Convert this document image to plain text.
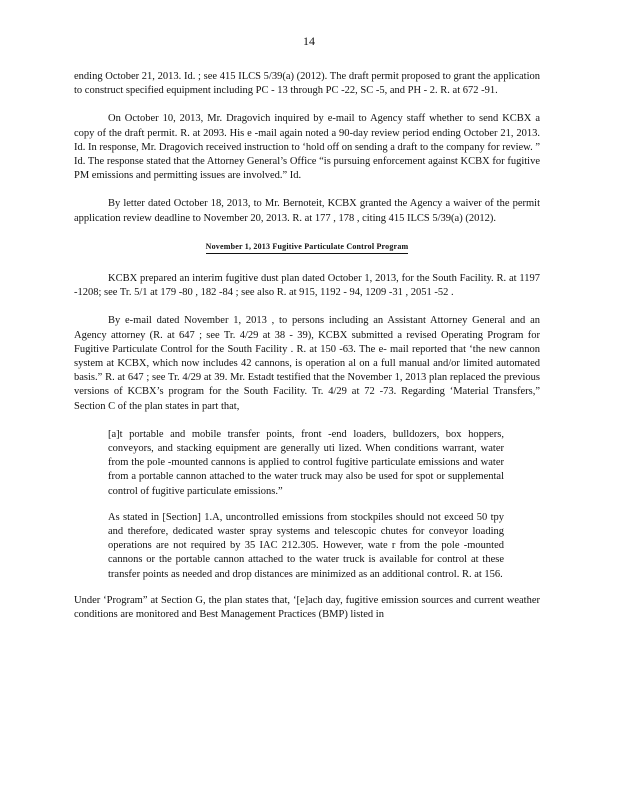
14

ending October 21, 2013. Id. ; see 415 ILCS 5/39(a) (2012). The draft permit proposed to grant the application to construct specified equipment including PC - 13 through PC -22, SC -5, and PH - 2. R. at 672 -91.

On October 10, 2013, Mr. Dragovich inquired by e-mail to Agency staff whether to send KCBX a copy of the draft permit. R. at 2093. His e -mail again noted a 90-day review period ending October 21, 2013. Id. In response, Mr. Dragovich received instruction to ‘hold off on sending a draft to the company for review. ” Id. The response stated that the Attorney General’s Office “is pursuing enforcement against KCBX for fugitive PM emissions and permitting issues are involved.” Id.

By letter dated October 18, 2013, to Mr. Bernoteit, KCBX granted the Agency a waiver of the permit application review deadline to November 20, 2013. R. at 177 , 178 , citing 415 ILCS 5/39(a) (2012).

November 1, 2013 Fugitive Particulate Control Program

KCBX prepared an interim fugitive dust plan dated October 1, 2013, for the South Facility. R. at 1197 -1208; see Tr. 5/1 at 179 -80 , 182 -84 ; see also R. at 915, 1192 - 94, 1209 -31 , 2051 -52 .

By e-mail dated November 1, 2013 , to persons including an Assistant Attorney General and an Agency attorney (R. at 647 ; see Tr. 4/29 at 38 - 39), KCBX submitted a revised Operating Program for Fugitive Particulate Control for the South Facility . R. at 150 -63. The e- mail reported that ‘the new cannon system at KCBX, which now includes 42 cannons, is operation al on a full manual and/or limited automated basis.” R. at 647 ; see Tr. 4/29 at 39. Mr. Estadt testified that the November 1, 2013 plan replaced the previous versions of KCBX’s program for the South Facility. Tr. 4/29 at 72 -73. Regarding ‘Material Transfers,” Section C of the plan states in part that,

[a]t portable and mobile transfer points, front -end loaders, bulldozers, box hoppers, conveyors, and stacking equipment are generally uti lized. When conditions warrant, water from the pole -mounted cannons is applied to control fugitive particulate emissions and water from a portable cannon attached to the water truck may also be used for spot or supplemental control of fugitive particulate emissions.”

As stated in [Section] 1.A, uncontrolled emissions from stockpiles should not exceed 50 tpy and therefore, dedicated waster spray systems and telescopic chutes for conveyor loading operations are not required by 35 IAC 212.305. However, wate r from the pole -mounted cannons or the portable cannon attached to the water truck is available for control at these transfer points as needed and drop distances are minimized as an additional control. R. at 156.

Under ‘Program” at Section G, the plan states that, ‘[e]ach day, fugitive emission sources and current weather conditions are monitored and Best Management Practices (BMP) listed in
